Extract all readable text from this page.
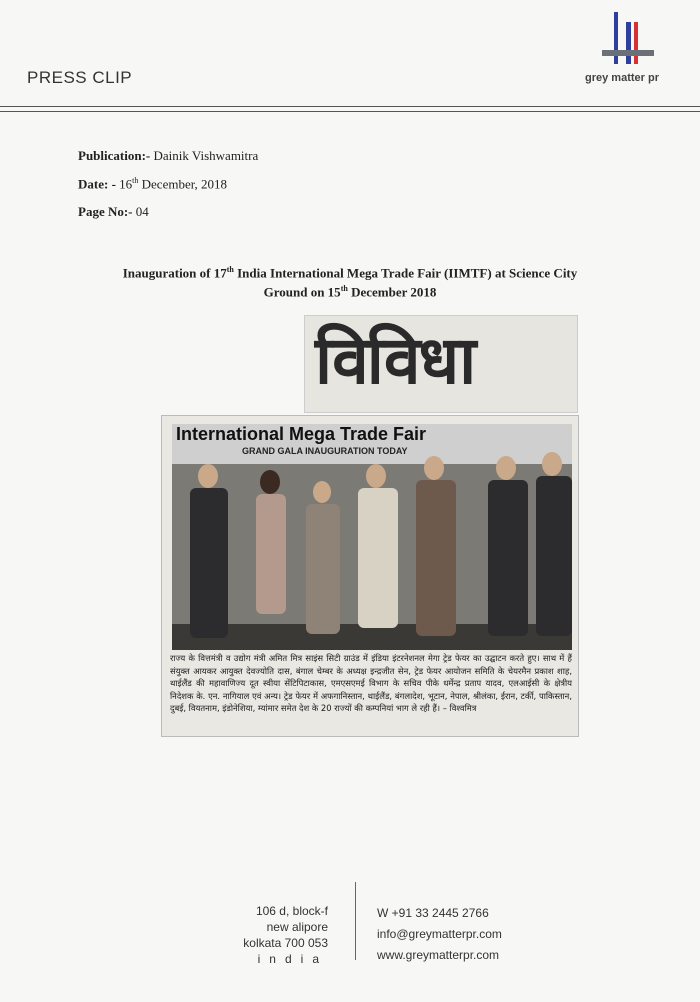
PRESS CLIP	grey matter pr
Publication:- Dainik Vishwamitra
Date: - 16th December, 2018
Page No:- 04
Inauguration of 17th India International Mega Trade Fair (IIMTF) at Science City
Ground on 15th December 2018
विविधा
International Mega Trade Fair
GRAND GALA INAUGURATION TODAY
राज्य के वित्तमंत्री व उद्योग मंत्री अमित मित्र साइंस सिटी ग्राउंड में इंडिया इंटरनेशनल मेगा ट्रेड फेयर का उद्घाटन करते हुए। साथ में हैं संयुक्त आयकर आयुक्त देवज्योति दास, बंगाल चेम्बर के अध्यक्ष इन्द्रजीत सेन, ट्रेड फेयर आयोजन समिति के चेयरमैन प्रकाश शाह, थाईलैंड की महावाणिज्य दूत स्वीया सेंटिपिटाकास, एमएसएमई विभाग के सचिव पीके धर्मेन्द्र प्रताप यादव, एलआईसी के क्षेत्रीय निदेशक के. एन. नागियाल एवं अन्य। ट्रेड फेयर में अफगानिस्तान, थाईलैंड, बंगलादेश, भूटान, नेपाल, श्रीलंका, ईरान, टर्की, पाकिस्तान, दुबई, वियतनाम, इंडोनेशिया, म्यांमार समेत देश के 20 राज्यों की कम्पनियां भाग ले रही हैं। – विश्वमित्र
106 d, block-f
new alipore
kolkata 700 053
india
W +91 33 2445 2766
info@greymatterpr.com
www.greymatterpr.com
